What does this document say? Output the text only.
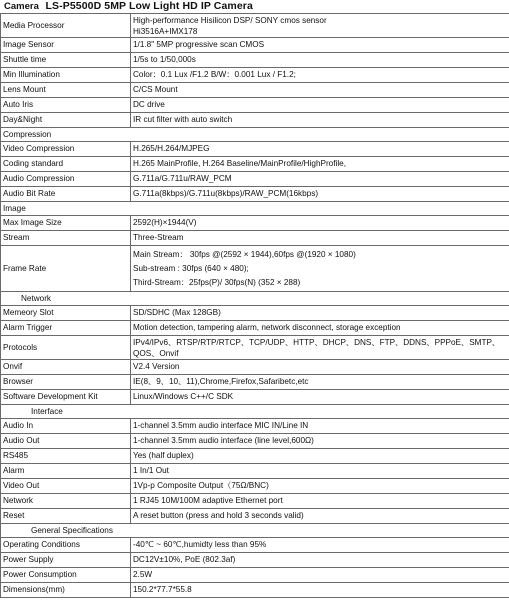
Camera LS-P5500D 5MP Low Light HD IP Camera
Media Processor	High-performance Hisilicon DSP/ SONY cmos sensor
Hi3516A+IMX178

Image Sensor	1/1.8" 5MP progressive scan CMOS

Shuttle time	1/5s to 1/50,000s

Min Illumination	Color：0.1 Lux /F1.2 B/W：0.001 Lux / F1.2;

Lens Mount	C/CS Mount

Auto Iris	DC drive

Day&Night	IR cut filter with auto switch

Compression	
Video Compression	H.265/H.264/MJPEG

Coding standard	H.265 MainProfile, H.264 Baseline/MainProfile/HighProfile,

Audio Compression	G.711a/G.711u/RAW_PCM

Audio Bit Rate	G.711a(8kbps)/G.711u(8kbps)/RAW_PCM(16kbps)

Image	
Max Image Size	2592(H)×1944(V)

Stream	Three-Stream

Frame Rate	Main Stream： 30fps @(2592 × 1944),60fps @(1920 × 1080)
Sub-stream : 30fps (640 × 480);
Third-Stream：25fps(P)/ 30fps(N) (352 × 288)

Network	
Memeory Slot	SD/SDHC (Max 128GB)

Alarm Trigger	Motion detection, tampering alarm, network disconnect, storage exception

Protocols	IPv4/IPv6、RTSP/RTP/RTCP、TCP/UDP、HTTP、DHCP、DNS、FTP、DDNS、PPPoE、SMTP、
QOS、Onvif

Onvif	V2.4 Version

Browser	IE(8、9、10、11),Chrome,Firefox,Safaribetc,etc

Software Development Kit	Linux/Windows C++/C SDK

Interface	
Audio In	1-channel 3.5mm audio interface MIC IN/Line IN

Audio Out	1-channel 3.5mm audio interface (line level,600Ω)

RS485	Yes (half duplex)

Alarm	1 In/1 Out

Video Out	1Vp-p Composite Output（75Ω/BNC)

Network	1 RJ45 10M/100M adaptive Ethernet port

Reset	A reset button (press and hold 3 seconds valid)

General Specifications	
Operating Conditions	-40℃ ~ 60℃,humidty less than 95%

Power Supply	DC12V±10%, PoE (802.3af)

Power Consumption	2.5W

Dimensions(mm)	150.2*77.7*55.8
